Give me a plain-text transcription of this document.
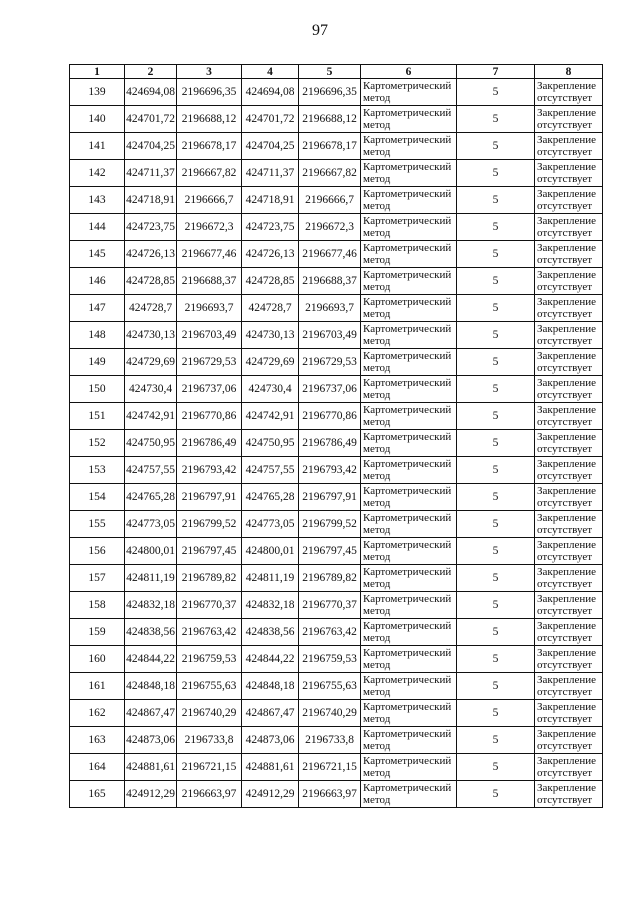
97
1	2	3	4	5	6	7	8
139	424694,08	2196696,35	424694,08	2196696,35	Картометрический метод	5	Закрепление отсутствует
140	424701,72	2196688,12	424701,72	2196688,12	Картометрический метод	5	Закрепление отсутствует
141	424704,25	2196678,17	424704,25	2196678,17	Картометрический метод	5	Закрепление отсутствует
142	424711,37	2196667,82	424711,37	2196667,82	Картометрический метод	5	Закрепление отсутствует
143	424718,91	2196666,7	424718,91	2196666,7	Картометрический метод	5	Закрепление отсутствует
144	424723,75	2196672,3	424723,75	2196672,3	Картометрический метод	5	Закрепление отсутствует
145	424726,13	2196677,46	424726,13	2196677,46	Картометрический метод	5	Закрепление отсутствует
146	424728,85	2196688,37	424728,85	2196688,37	Картометрический метод	5	Закрепление отсутствует
147	424728,7	2196693,7	424728,7	2196693,7	Картометрический метод	5	Закрепление отсутствует
148	424730,13	2196703,49	424730,13	2196703,49	Картометрический метод	5	Закрепление отсутствует
149	424729,69	2196729,53	424729,69	2196729,53	Картометрический метод	5	Закрепление отсутствует
150	424730,4	2196737,06	424730,4	2196737,06	Картометрический метод	5	Закрепление отсутствует
151	424742,91	2196770,86	424742,91	2196770,86	Картометрический метод	5	Закрепление отсутствует
152	424750,95	2196786,49	424750,95	2196786,49	Картометрический метод	5	Закрепление отсутствует
153	424757,55	2196793,42	424757,55	2196793,42	Картометрический метод	5	Закрепление отсутствует
154	424765,28	2196797,91	424765,28	2196797,91	Картометрический метод	5	Закрепление отсутствует
155	424773,05	2196799,52	424773,05	2196799,52	Картометрический метод	5	Закрепление отсутствует
156	424800,01	2196797,45	424800,01	2196797,45	Картометрический метод	5	Закрепление отсутствует
157	424811,19	2196789,82	424811,19	2196789,82	Картометрический метод	5	Закрепление отсутствует
158	424832,18	2196770,37	424832,18	2196770,37	Картометрический метод	5	Закрепление отсутствует
159	424838,56	2196763,42	424838,56	2196763,42	Картометрический метод	5	Закрепление отсутствует
160	424844,22	2196759,53	424844,22	2196759,53	Картометрический метод	5	Закрепление отсутствует
161	424848,18	2196755,63	424848,18	2196755,63	Картометрический метод	5	Закрепление отсутствует
162	424867,47	2196740,29	424867,47	2196740,29	Картометрический метод	5	Закрепление отсутствует
163	424873,06	2196733,8	424873,06	2196733,8	Картометрический метод	5	Закрепление отсутствует
164	424881,61	2196721,15	424881,61	2196721,15	Картометрический метод	5	Закрепление отсутствует
165	424912,29	2196663,97	424912,29	2196663,97	Картометрический метод	5	Закрепление отсутствует
